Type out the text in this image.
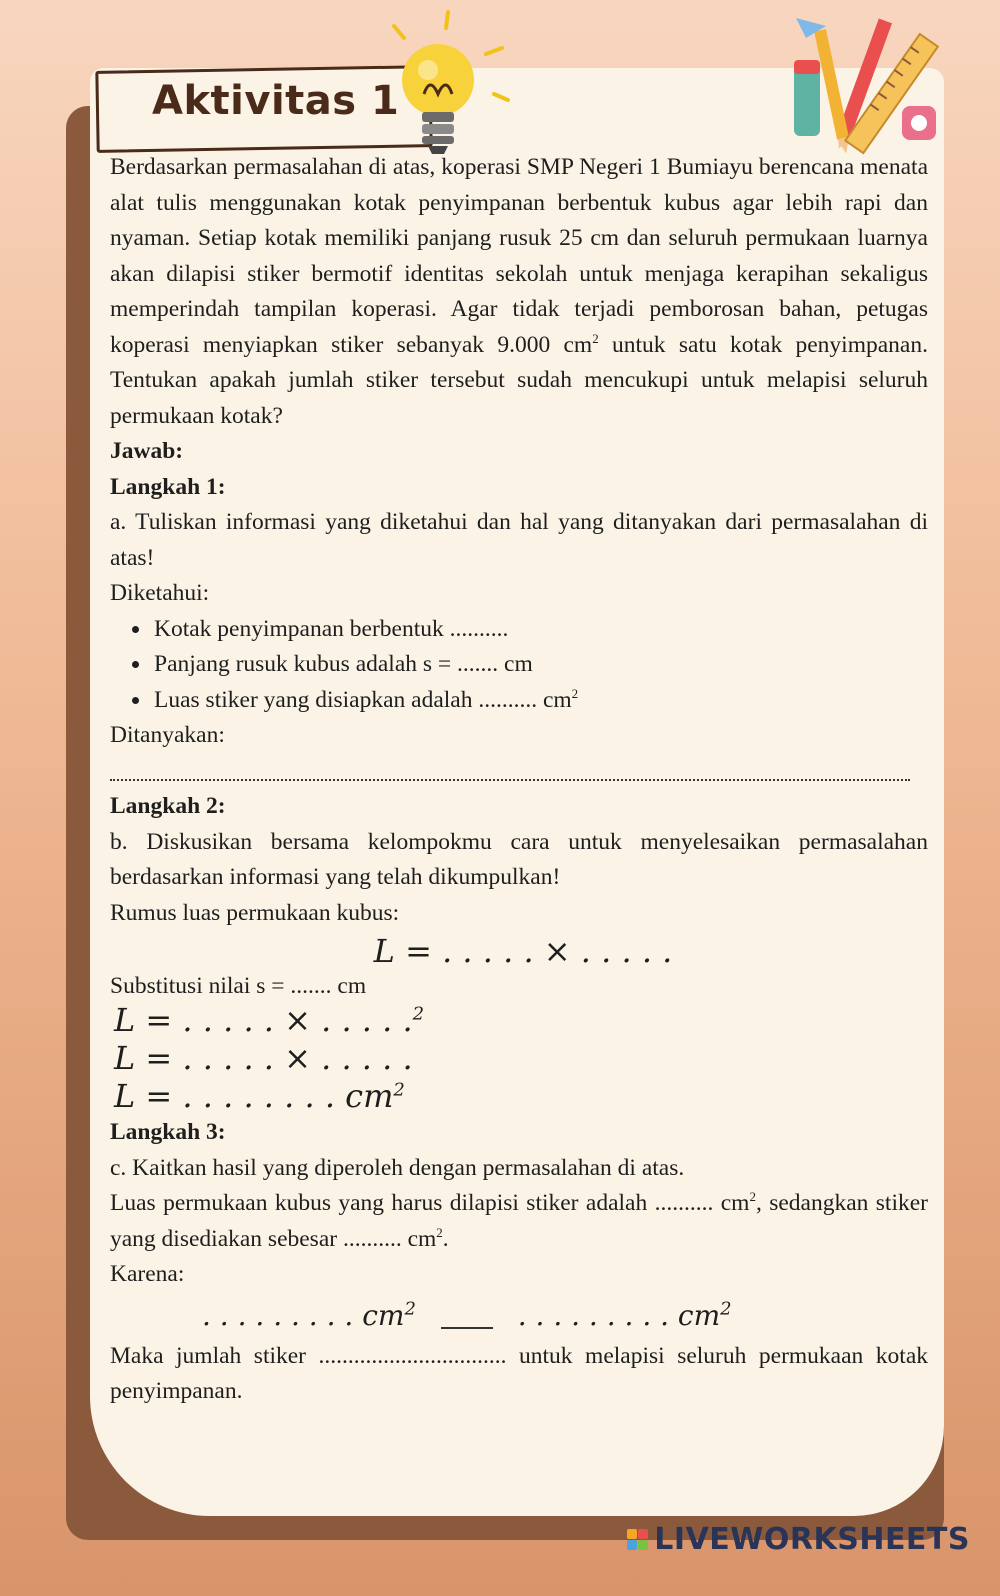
Aktivitas 1

Berdasarkan permasalahan di atas, koperasi SMP Negeri 1 Bumiayu berencana menata alat tulis menggunakan kotak penyimpanan berbentuk kubus agar lebih rapi dan nyaman. Setiap kotak memiliki panjang rusuk 25 cm dan seluruh permukaan luarnya akan dilapisi stiker bermotif identitas sekolah untuk menjaga kerapihan sekaligus memperindah tampilan koperasi. Agar tidak terjadi pemborosan bahan, petugas koperasi menyiapkan stiker sebanyak 9.000 $cm^2$ untuk satu kotak penyimpanan. Tentukan apakah jumlah stiker tersebut sudah mencukupi untuk melapisi seluruh permukaan kotak?

Jawab:

Langkah 1:

a. Tuliskan informasi yang diketahui dan hal yang ditanyakan dari permasalahan di atas!

Diketahui:

• Kotak penyimpanan berbentuk ..........
• Panjang rusuk kubus adalah s = ....... cm
• Luas stiker yang disiapkan adalah .......... $cm^2$

Ditanyakan:

Langkah 2:

b. Diskusikan bersama kelompokmu cara untuk menyelesaikan permasalahan berdasarkan informasi yang telah dikumpulkan!

Rumus luas permukaan kubus:

L = . . . . . × . . . . .

Substitusi nilai s = ....... cm

L = . . . . . × . . . . .$^2$
L = . . . . . × . . . . .
L = . . . . . . . . $cm^2$

Langkah 3:

c. Kaitkan hasil yang diperoleh dengan permasalahan di atas.

Luas permukaan kubus yang harus dilapisi stiker adalah .......... $cm^2$, sedangkan stiker yang disediakan sebesar .......... $cm^2$.

Karena:

. . . . . . . . . $cm^2$	. . . . . . . . . $cm^2$

Maka jumlah stiker ................................ untuk melapisi seluruh permukaan kotak penyimpanan.

LIVEWORKSHEETS
